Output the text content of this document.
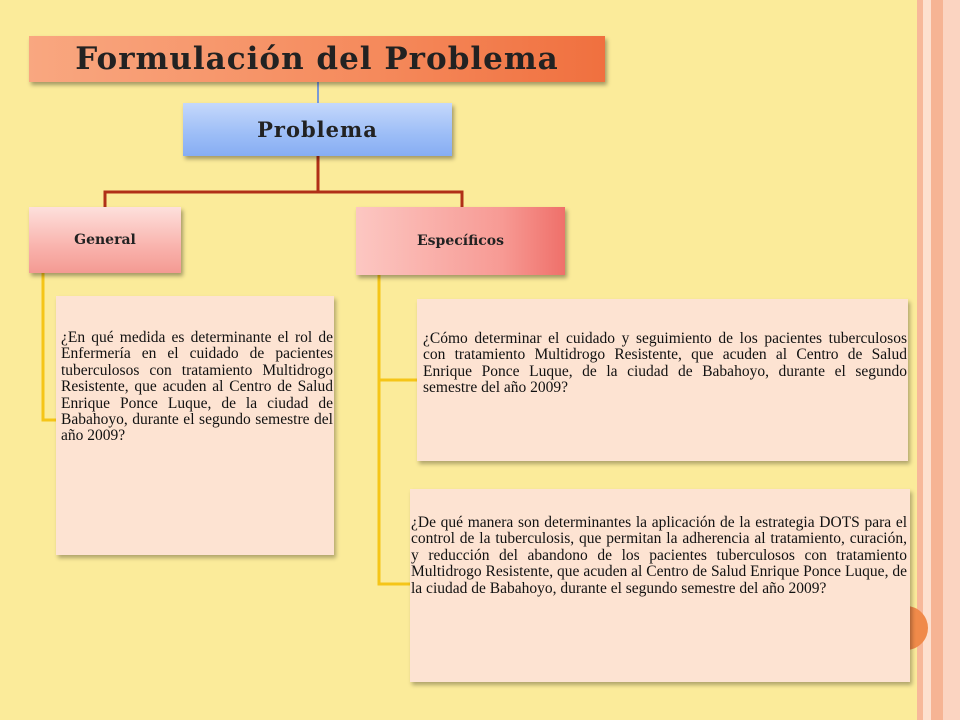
Formulación del Problema
Problema
General	Específicos

¿En qué medida es determinante el rol de Enfermería en el cuidado de pacientes tuberculosos con tratamiento Multidrogo Resistente, que acuden al Centro de Salud Enrique Ponce Luque, de la ciudad de Babahoyo, durante el segundo semestre del año 2009?

¿Cómo determinar el cuidado y seguimiento de los pacientes tuberculosos con tratamiento Multidrogo Resistente, que acuden al Centro de Salud Enrique Ponce Luque, de la ciudad de Babahoyo, durante el segundo semestre del año 2009?

¿De qué manera son determinantes la aplicación de la estrategia DOTS para el control de la tuberculosis, que permitan la adherencia al tratamiento, curación, y reducción del abandono de los pacientes tuberculosos con tratamiento Multidrogo Resistente, que acuden al Centro de Salud Enrique Ponce Luque, de la ciudad de Babahoyo, durante el segundo semestre del año 2009?
